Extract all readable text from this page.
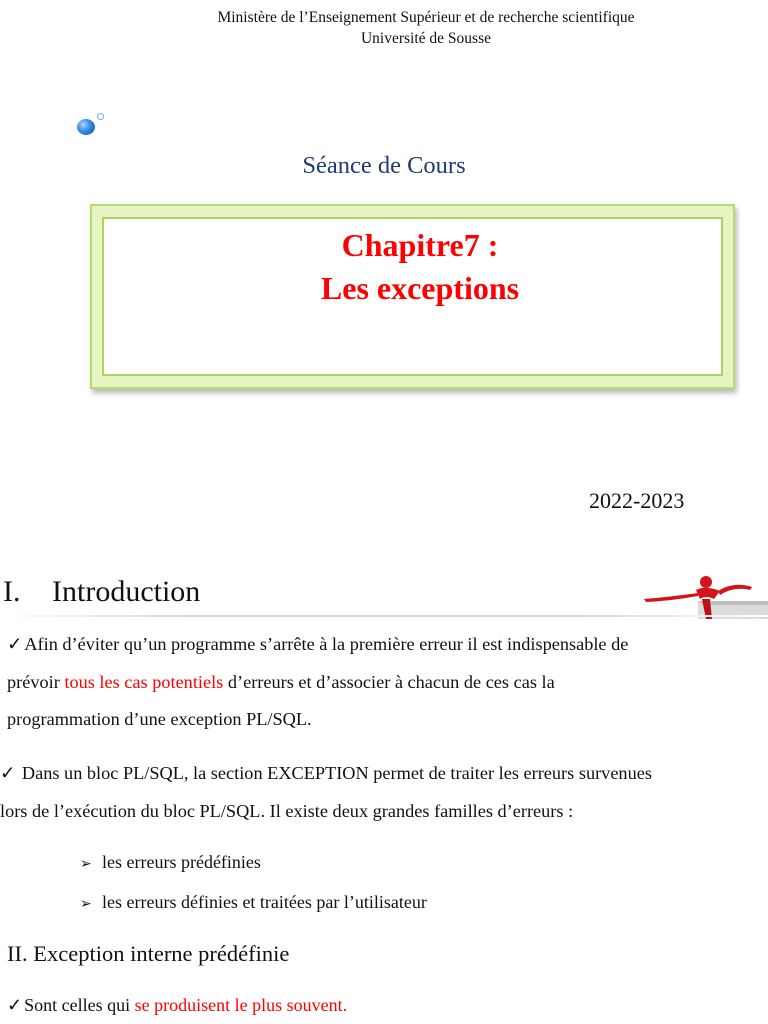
Ministère de l’Enseignement Supérieur et de recherche scientifique
Université de Sousse
Séance de Cours
Chapitre7 :
Les exceptions
2022-2023
I. Introduction
✓ Afin d’éviter qu’un programme s’arrête à la première erreur il est indispensable de
prévoir tous les cas potentiels d’erreurs et d’associer à chacun de ces cas la
programmation d’une exception PL/SQL.
✓ Dans un bloc PL/SQL, la section EXCEPTION permet de traiter les erreurs survenues
lors de l’exécution du bloc PL/SQL. Il existe deux grandes familles d’erreurs :
➢ les erreurs prédéfinies
➢ les erreurs définies et traitées par l’utilisateur
II. Exception interne prédéfinie
✓ Sont celles qui se produisent le plus souvent.
